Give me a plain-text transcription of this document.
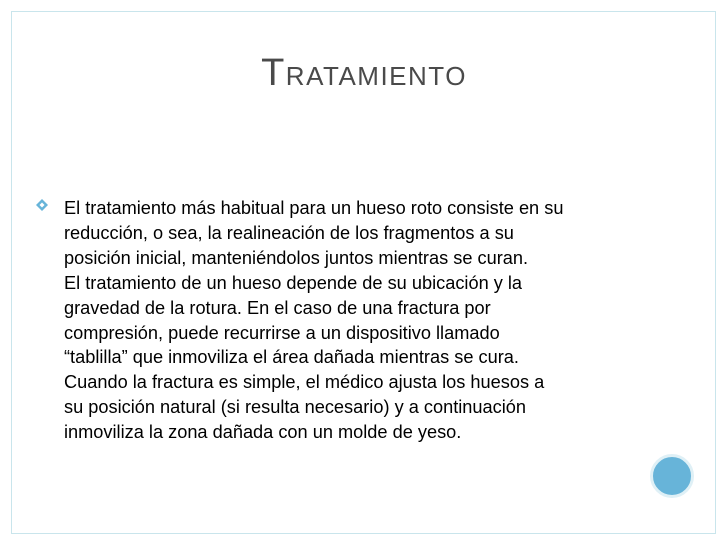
TRATAMIENTO

El tratamiento más habitual para un hueso roto consiste en su
reducción, o sea, la realineación de los fragmentos a su
posición inicial, manteniéndolos juntos mientras se curan.
El tratamiento de un hueso depende de su ubicación y la
gravedad de la rotura. En el caso de una fractura por
compresión, puede recurrirse a un dispositivo llamado
“tablilla” que inmoviliza el área dañada mientras se cura.
Cuando la fractura es simple, el médico ajusta los huesos a
su posición natural (si resulta necesario) y a continuación
inmoviliza la zona dañada con un molde de yeso.
